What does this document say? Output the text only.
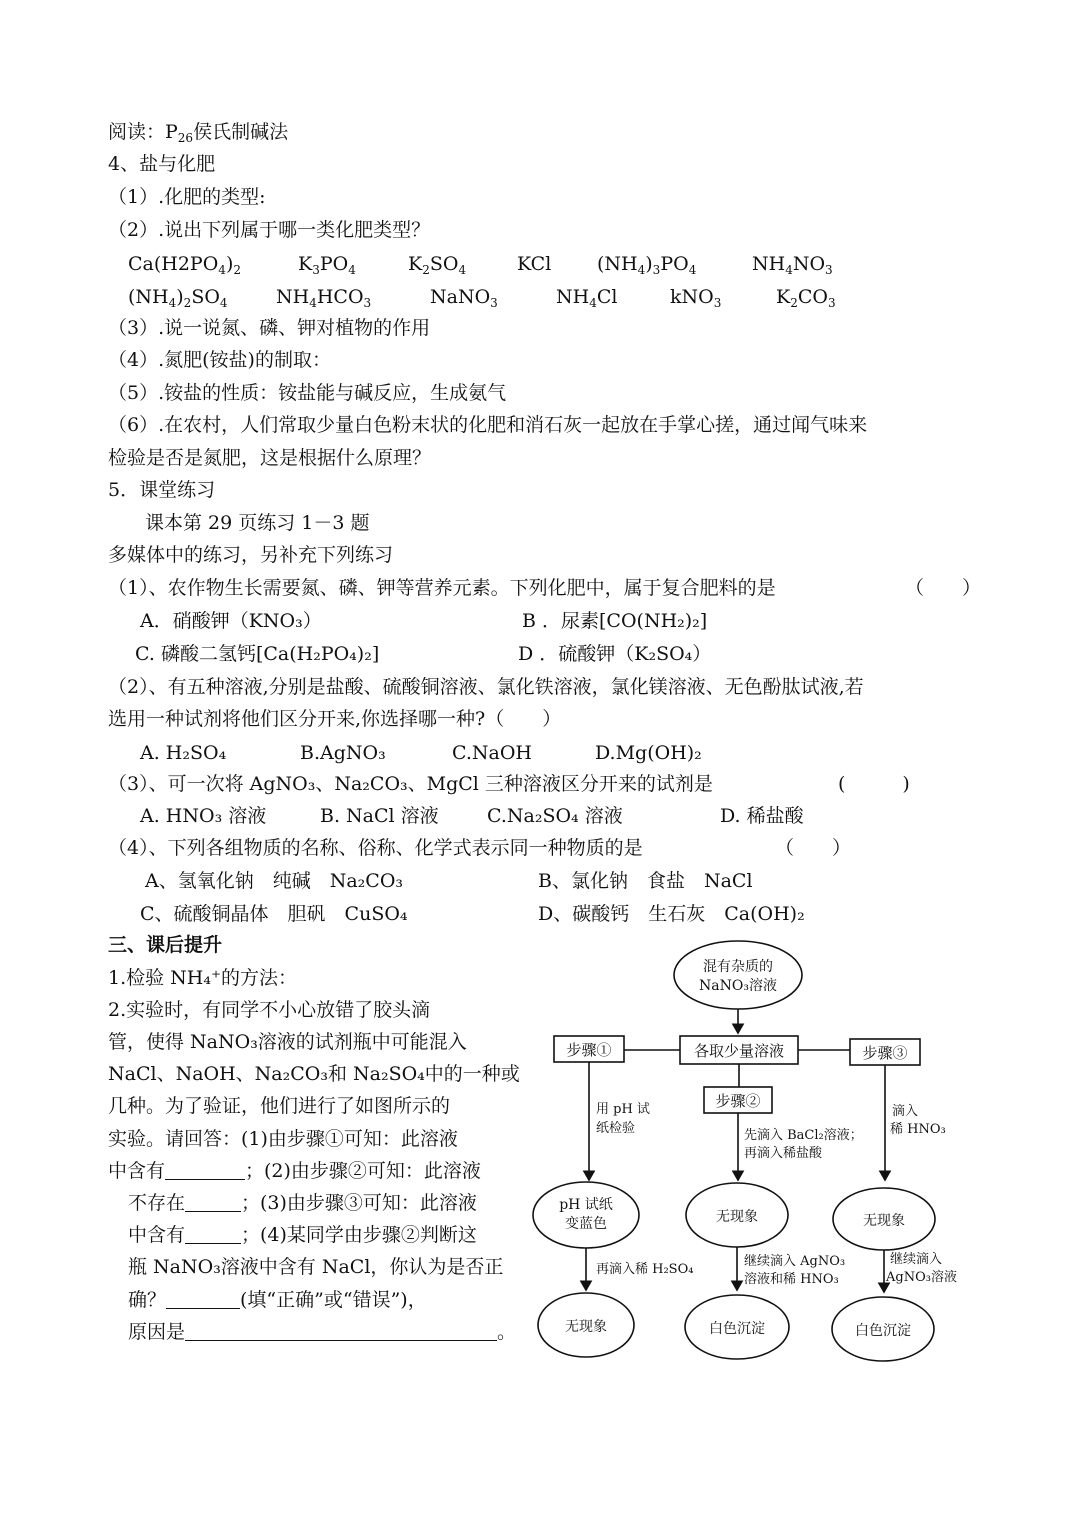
阅读：$P_{26}$侯氏制碱法
4、盐与化肥
（1）.化肥的类型:
（2）.说出下列属于哪一类化肥类型？
$Ca(H2PO_4)_2$	$K_3PO_4$	$K_2SO_4$	KCl $(NH_4)_3PO_4$	$NH_4NO_3$
$(NH_4)_2SO_4$	$NH_4HCO_3$	NaNO$_3$	$NH_4Cl$	kNO$_3$	$K_2CO_3$
（3）.说一说氮、磷、钾对植物的作用
（4）.氮肥(铵盐)的制取：
（5）.铵盐的性质：铵盐能与碱反应，生成氨气
（6）.在农村，人们常取少量白色粉末状的化肥和消石灰一起放在手掌心搓，通过闻气味来
检验是否是氮肥，这是根据什么原理？
5．课堂练习
课本第 29 页练习 1－3 题
多媒体中的练习，另补充下列练习
（1）、农作物生长需要氮、磷、钾等营养元素。下列化肥中，属于复合肥料的是	（　　）
A．硝酸钾（KNO₃）	B ．尿素[CO(NH₂)₂]
C. 磷酸二氢钙[Ca(H₂PO₄)₂]	D ．硫酸钾（K₂SO₄）
（2）、有五种溶液,分别是盐酸、硫酸铜溶液、氯化铁溶液，氯化镁溶液、无色酚肽试液,若
选用一种试剂将他们区分开来,你选择哪一种?（　　）
A. H₂SO₄	B.AgNO₃	C.NaOH	D.Mg(OH)₂
（3）、可一次将 AgNO₃、Na₂CO₃、MgCl 三种溶液区分开来的试剂是	(　　　)
A. HNO₃ 溶液	B. NaCl 溶液	C.Na₂SO₄ 溶液	D. 稀盐酸
（4）、下列各组物质的名称、俗称、化学式表示同一种物质的是	（　　）
A、氢氧化钠　纯碱　Na₂CO₃	B、氯化钠　食盐　NaCl
C、硫酸铜晶体　胆矾　CuSO₄	D、碳酸钙　生石灰　Ca(OH)₂
三、课后提升
1.检验 NH₄⁺的方法：
2.实验时，有同学不小心放错了胶头滴
管，使得 NaNO₃溶液的试剂瓶中可能混入
NaCl、NaOH、Na₂CO₃和 Na₂SO₄中的一种或
几种。为了验证，他们进行了如图所示的
实验。请回答：(1)由步骤①可知：此溶液
中含有	；(2)由步骤②可知：此溶液
不存在	；(3)由步骤③可知：此溶液
中含有	；(4)某同学由步骤②判断这
瓶 NaNO₃溶液中含有 NaCl，你认为是否正
确？	(填“正确”或“错误”)，
原因是	。
混有杂质的
NaNO₃溶液
各取少量溶液
步骤①	步骤③
步骤②
用 pH 试
纸检验	先滴入 BaCl₂溶液；
再滴入稀盐酸
滴入
稀 HNO₃
pH 试纸
变蓝色	无现象	无现象
再滴入稀 H₂SO₄
继续滴入 AgNO₃
溶液和稀 HNO₃
继续滴入
AgNO₃溶液
无现象	白色沉淀	白色沉淀
